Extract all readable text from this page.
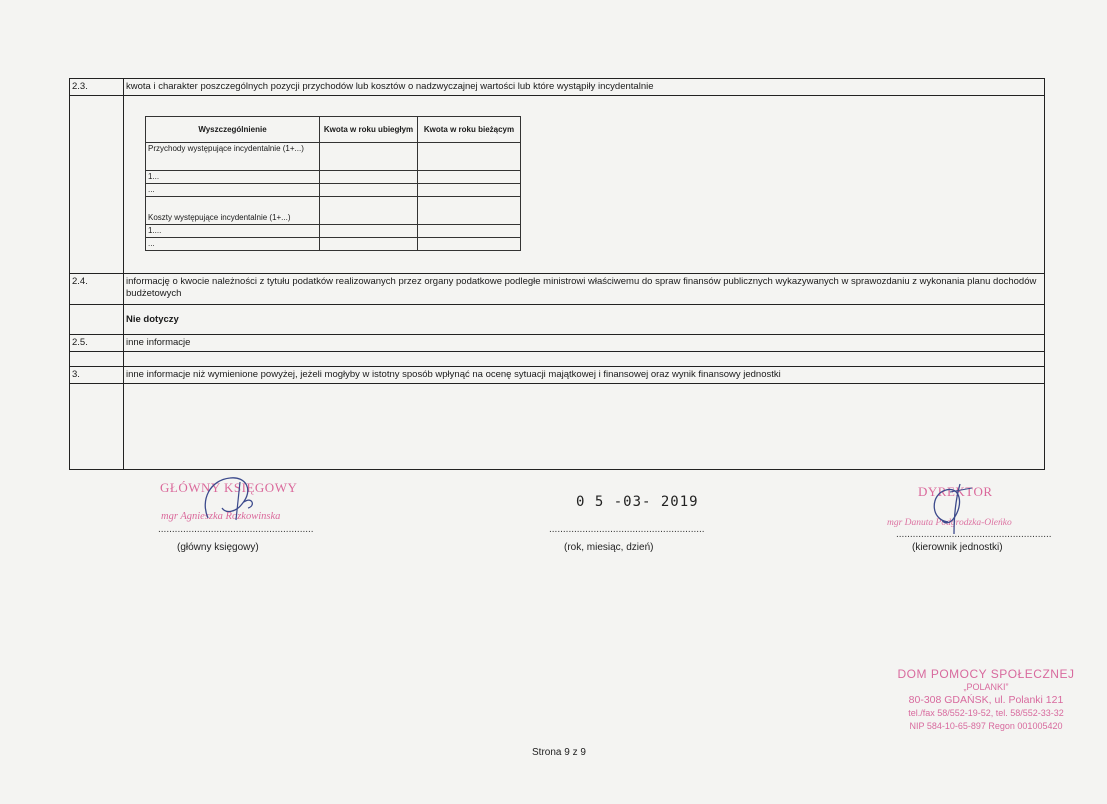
2.3.	kwota i charakter poszczególnych pozycji przychodów lub kosztów o nadzwyczajnej wartości lub które wystąpiły incydentalnie

Wyszczególnienie	Kwota w roku ubiegłym	Kwota w roku bieżącym
Przychody występujące incydentalnie (1+...)		
1...		
...		
Koszty występujące incydentalnie (1+...)		
1....		
...		

2.4.	informację o kwocie należności z tytułu podatków realizowanych przez organy podatkowe podległe ministrowi właściwemu do spraw finansów publicznych wykazywanych w sprawozdaniu z wykonania planu dochodów budżetowych
	Nie dotyczy
2.5.	inne informacje

3.	inne informacje niż wymienione powyżej, jeżeli mogłyby w istotny sposób wpłynąć na ocenę sytuacji majątkowej i finansowej oraz wynik finansowy jednostki

GŁÓWNY KSIĘGOWY
mgr Agnieszka Rozkowinska
........................................................
(główny księgowy)
0 5 -03- 2019
........................................................
(rok, miesiąc, dzień)
DYREKTOR
mgr Danuta Podgrodzka-Oleńko
........................................................
(kierownik jednostki)
DOM POMOCY SPOŁECZNEJ
„POLANKI”
80-308 GDAŃSK, ul. Polanki 121
tel./fax 58/552-19-52, tel. 58/552-33-32
NIP 584-10-65-897 Regon 001005420
Strona 9 z 9
